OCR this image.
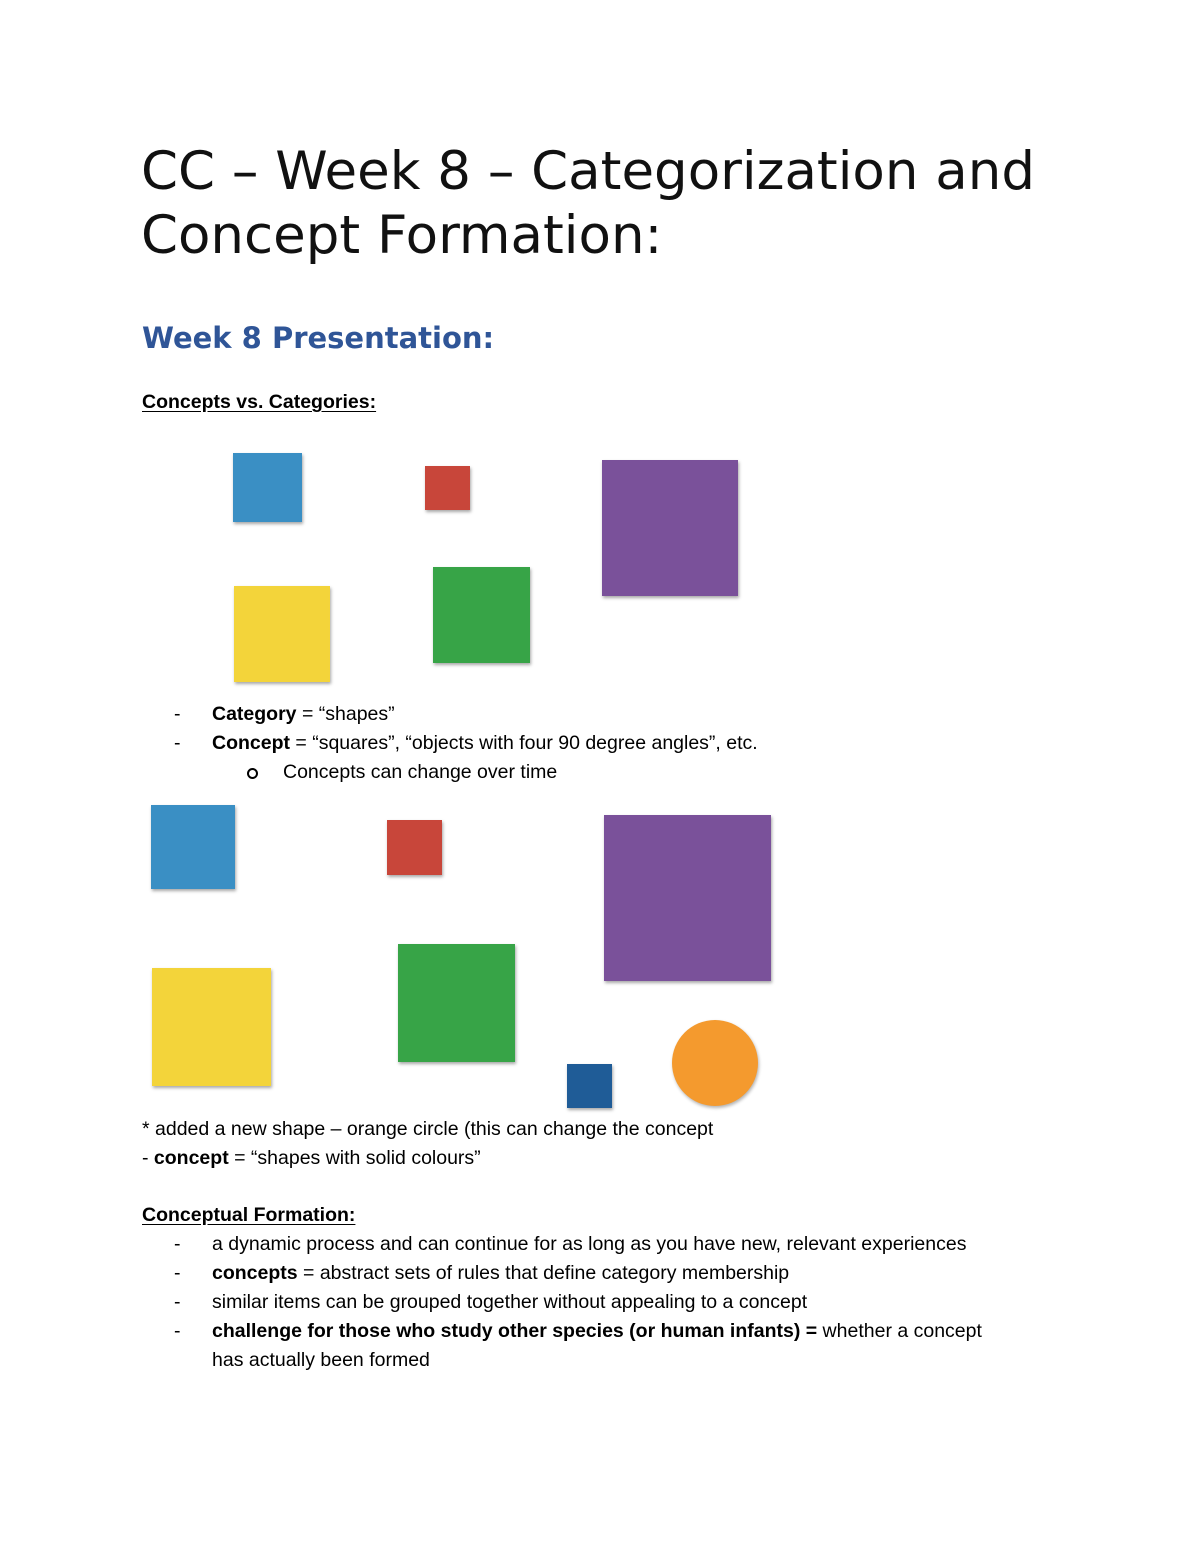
CC – Week 8 – Categorization and Concept Formation:
Week 8 Presentation:
Concepts vs. Categories:
-	Category = “shapes”
-	Concept = “squares”, “objects with four 90 degree angles”, etc.
Concepts can change over time
* added a new shape – orange circle (this can change the concept
- concept = “shapes with solid colours”
Conceptual Formation:
-	a dynamic process and can continue for as long as you have new, relevant experiences
-	concepts = abstract sets of rules that define category membership
-	similar items can be grouped together without appealing to a concept
-	challenge for those who study other species (or human infants) = whether a concept
has actually been formed
